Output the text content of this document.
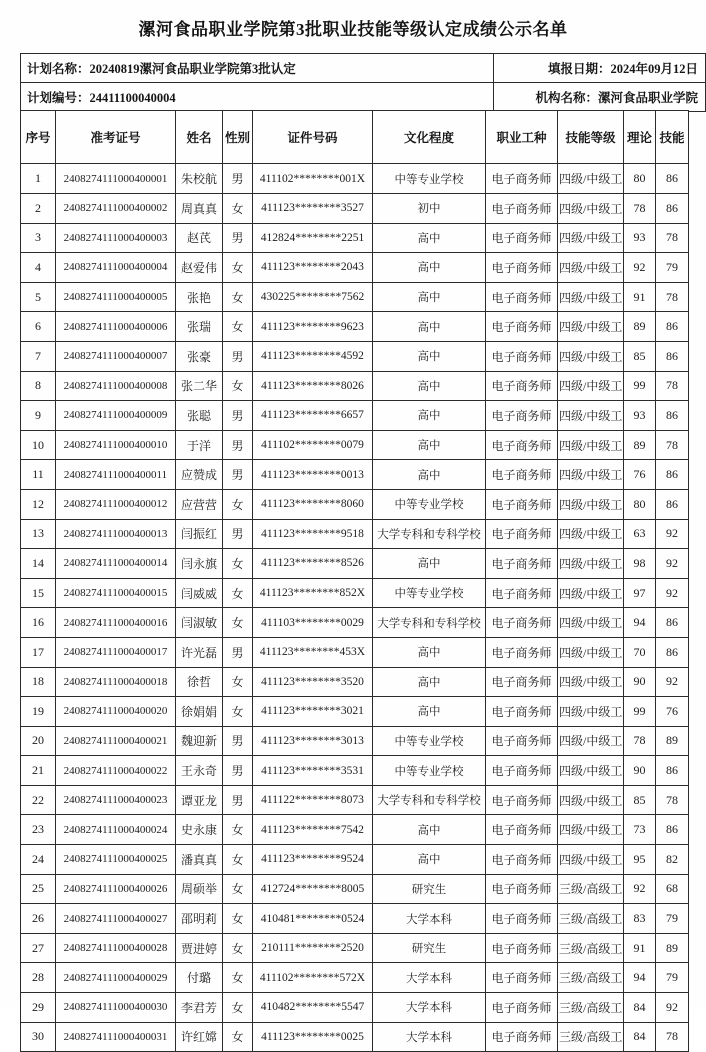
漯河食品职业学院第3批职业技能等级认定成绩公示名单
计划名称：20240819漯河食品职业学院第3批认定	填报日期：2024年09月12日
计划编号：24411100040004	机构名称：漯河食品职业学院
序号	准考证号	姓名	性别	证件号码	文化程度	职业工种	技能等级	理论	技能
1	2408274111000400001	朱校航	男	411102********001X	中等专业学校	电子商务师	四级/中级工	80	86
2	2408274111000400002	周真真	女	411123********3527	初中	电子商务师	四级/中级工	78	86
3	2408274111000400003	赵芪	男	412824********2251	高中	电子商务师	四级/中级工	93	78
4	2408274111000400004	赵爱伟	女	411123********2043	高中	电子商务师	四级/中级工	92	79
5	2408274111000400005	张艳	女	430225********7562	高中	电子商务师	四级/中级工	91	78
6	2408274111000400006	张瑞	女	411123********9623	高中	电子商务师	四级/中级工	89	86
7	2408274111000400007	张豪	男	411123********4592	高中	电子商务师	四级/中级工	85	86
8	2408274111000400008	张二华	女	411123********8026	高中	电子商务师	四级/中级工	99	78
9	2408274111000400009	张聪	男	411123********6657	高中	电子商务师	四级/中级工	93	86
10	2408274111000400010	于洋	男	411102********0079	高中	电子商务师	四级/中级工	89	78
11	2408274111000400011	应赞成	男	411123********0013	高中	电子商务师	四级/中级工	76	86
12	2408274111000400012	应营营	女	411123********8060	中等专业学校	电子商务师	四级/中级工	80	86
13	2408274111000400013	闫振红	男	411123********9518	大学专科和专科学校	电子商务师	四级/中级工	63	92
14	2408274111000400014	闫永旗	女	411123********8526	高中	电子商务师	四级/中级工	98	92
15	2408274111000400015	闫威威	女	411123********852X	中等专业学校	电子商务师	四级/中级工	97	92
16	2408274111000400016	闫淑敏	女	411103********0029	大学专科和专科学校	电子商务师	四级/中级工	94	86
17	2408274111000400017	许光磊	男	411123********453X	高中	电子商务师	四级/中级工	70	86
18	2408274111000400018	徐哲	女	411123********3520	高中	电子商务师	四级/中级工	90	92
19	2408274111000400020	徐娟娟	女	411123********3021	高中	电子商务师	四级/中级工	99	76
20	2408274111000400021	魏迎新	男	411123********3013	中等专业学校	电子商务师	四级/中级工	78	89
21	2408274111000400022	王永奇	男	411123********3531	中等专业学校	电子商务师	四级/中级工	90	86
22	2408274111000400023	谭亚龙	男	411122********8073	大学专科和专科学校	电子商务师	四级/中级工	85	78
23	2408274111000400024	史永康	女	411123********7542	高中	电子商务师	四级/中级工	73	86
24	2408274111000400025	潘真真	女	411123********9524	高中	电子商务师	四级/中级工	95	82
25	2408274111000400026	周硕举	女	412724********8005	研究生	电子商务师	三级/高级工	92	68
26	2408274111000400027	邵明莉	女	410481********0524	大学本科	电子商务师	三级/高级工	83	79
27	2408274111000400028	贾进婷	女	210111********2520	研究生	电子商务师	三级/高级工	91	89
28	2408274111000400029	付璐	女	411102********572X	大学本科	电子商务师	三级/高级工	94	79
29	2408274111000400030	李君芳	女	410482********5547	大学本科	电子商务师	三级/高级工	84	92
30	2408274111000400031	许红嫦	女	411123********0025	大学本科	电子商务师	三级/高级工	84	78
